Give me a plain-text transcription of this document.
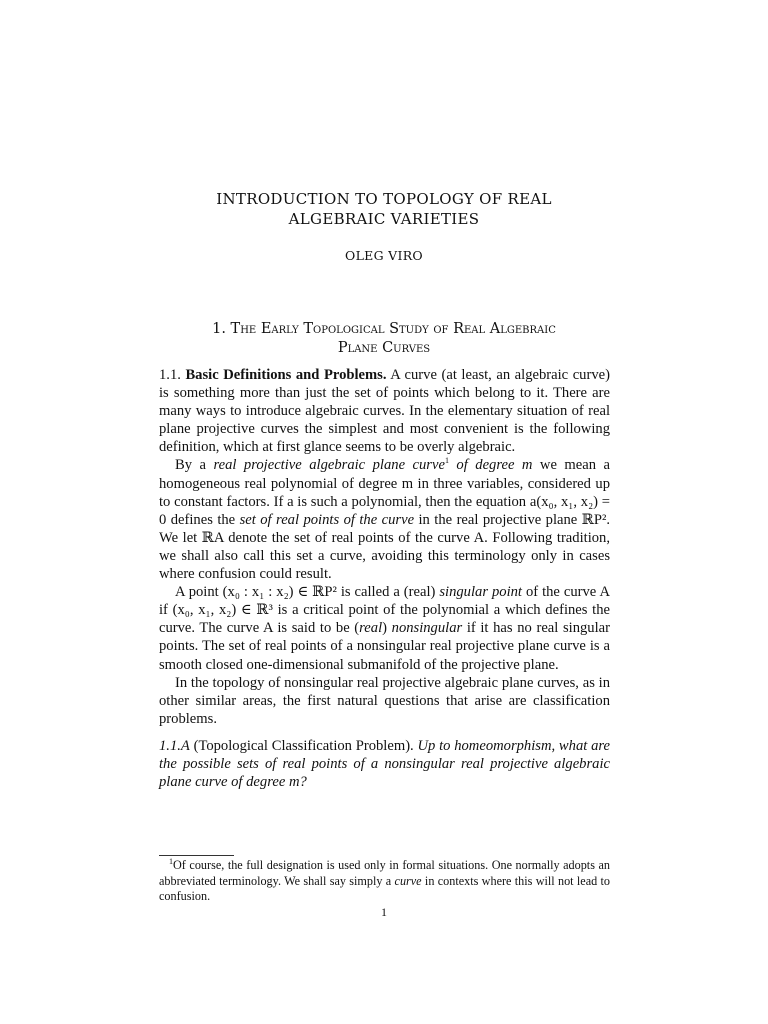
INTRODUCTION TO TOPOLOGY OF REAL
ALGEBRAIC VARIETIES
OLEG VIRO
1. The Early Topological Study of Real Algebraic
Plane Curves

1.1. Basic Definitions and Problems. A curve (at least, an algebraic curve) is something more than just the set of points which belong to it. There are many ways to introduce algebraic curves. In the elementary situation of real plane projective curves the simplest and most convenient is the following definition, which at first glance seems to be overly algebraic.

By a real projective algebraic plane curve$^1$ of degree m we mean a homogeneous real polynomial of degree m in three variables, considered up to constant factors. If a is such a polynomial, then the equation a(x₀, x₁, x₂) = 0 defines the set of real points of the curve in the real projective plane ℝP². We let ℝA denote the set of real points of the curve A. Following tradition, we shall also call this set a curve, avoiding this terminology only in cases where confusion could result.

A point (x₀ : x₁ : x₂) ∈ ℝP² is called a (real) singular point of the curve A if (x₀, x₁, x₂) ∈ ℝ³ is a critical point of the polynomial a which defines the curve. The curve A is said to be (real) nonsingular if it has no real singular points. The set of real points of a nonsingular real projective plane curve is a smooth closed one-dimensional submanifold of the projective plane.

In the topology of nonsingular real projective algebraic plane curves, as in other similar areas, the first natural questions that arise are classification problems.

1.1.A (Topological Classification Problem). Up to homeomorphism, what are the possible sets of real points of a nonsingular real projective algebraic plane curve of degree m?

$^1$Of course, the full designation is used only in formal situations. One normally adopts an abbreviated terminology. We shall say simply a curve in contexts where this will not lead to confusion.
1
